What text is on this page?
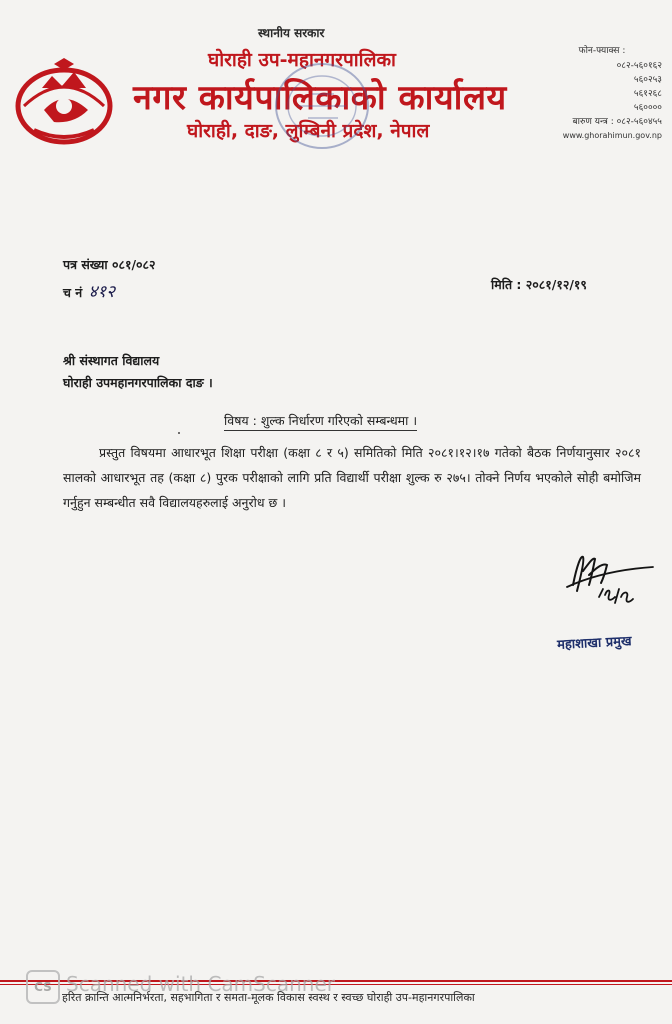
स्थानीय सरकार
घोराही उप-महानगरपालिका
नगर कार्यपालिकाको कार्यालय
घोराही, दाङ, लुम्बिनी प्रदेश, नेपाल
फोन-फ्याक्स :
०८२-५६०१६२
५६०२५३
५६१२६८
५६००००
बारुण यन्त्र : ०८२-५६०४५५
www.ghorahimun.gov.np
पत्र संख्या ०८१/०८२
च नं ४१२	मिति : २०८१/१२/१९
श्री संस्थागत विद्यालय
घोराही उपमहानगरपालिका दाङ ।
विषय : शुल्क निर्धारण गरिएको सम्बन्धमा ।
प्रस्तुत विषयमा आधारभूत शिक्षा परीक्षा (कक्षा ८ र ५) समितिको मिति २०८१।१२।१७ गतेको बैठक निर्णयानुसार २०८१ सालको आधारभूत तह (कक्षा ८) पुरक परीक्षाको लागि प्रति विद्यार्थी परीक्षा शुल्क रु २७५। तोक्ने निर्णय भएकोले सोही बमोजिम गर्नुहुन सम्बन्धीत सवै विद्यालयहरुलाई अनुरोध छ ।
१२/१९
महाशाखा प्रमुख
CS Scanned with CamScanner
हरित क्रान्ति आत्मनिर्भरता, सहभागिता र समता-मूलक विकास स्वस्थ र स्वच्छ घोराही उप-महानगरपालिका
